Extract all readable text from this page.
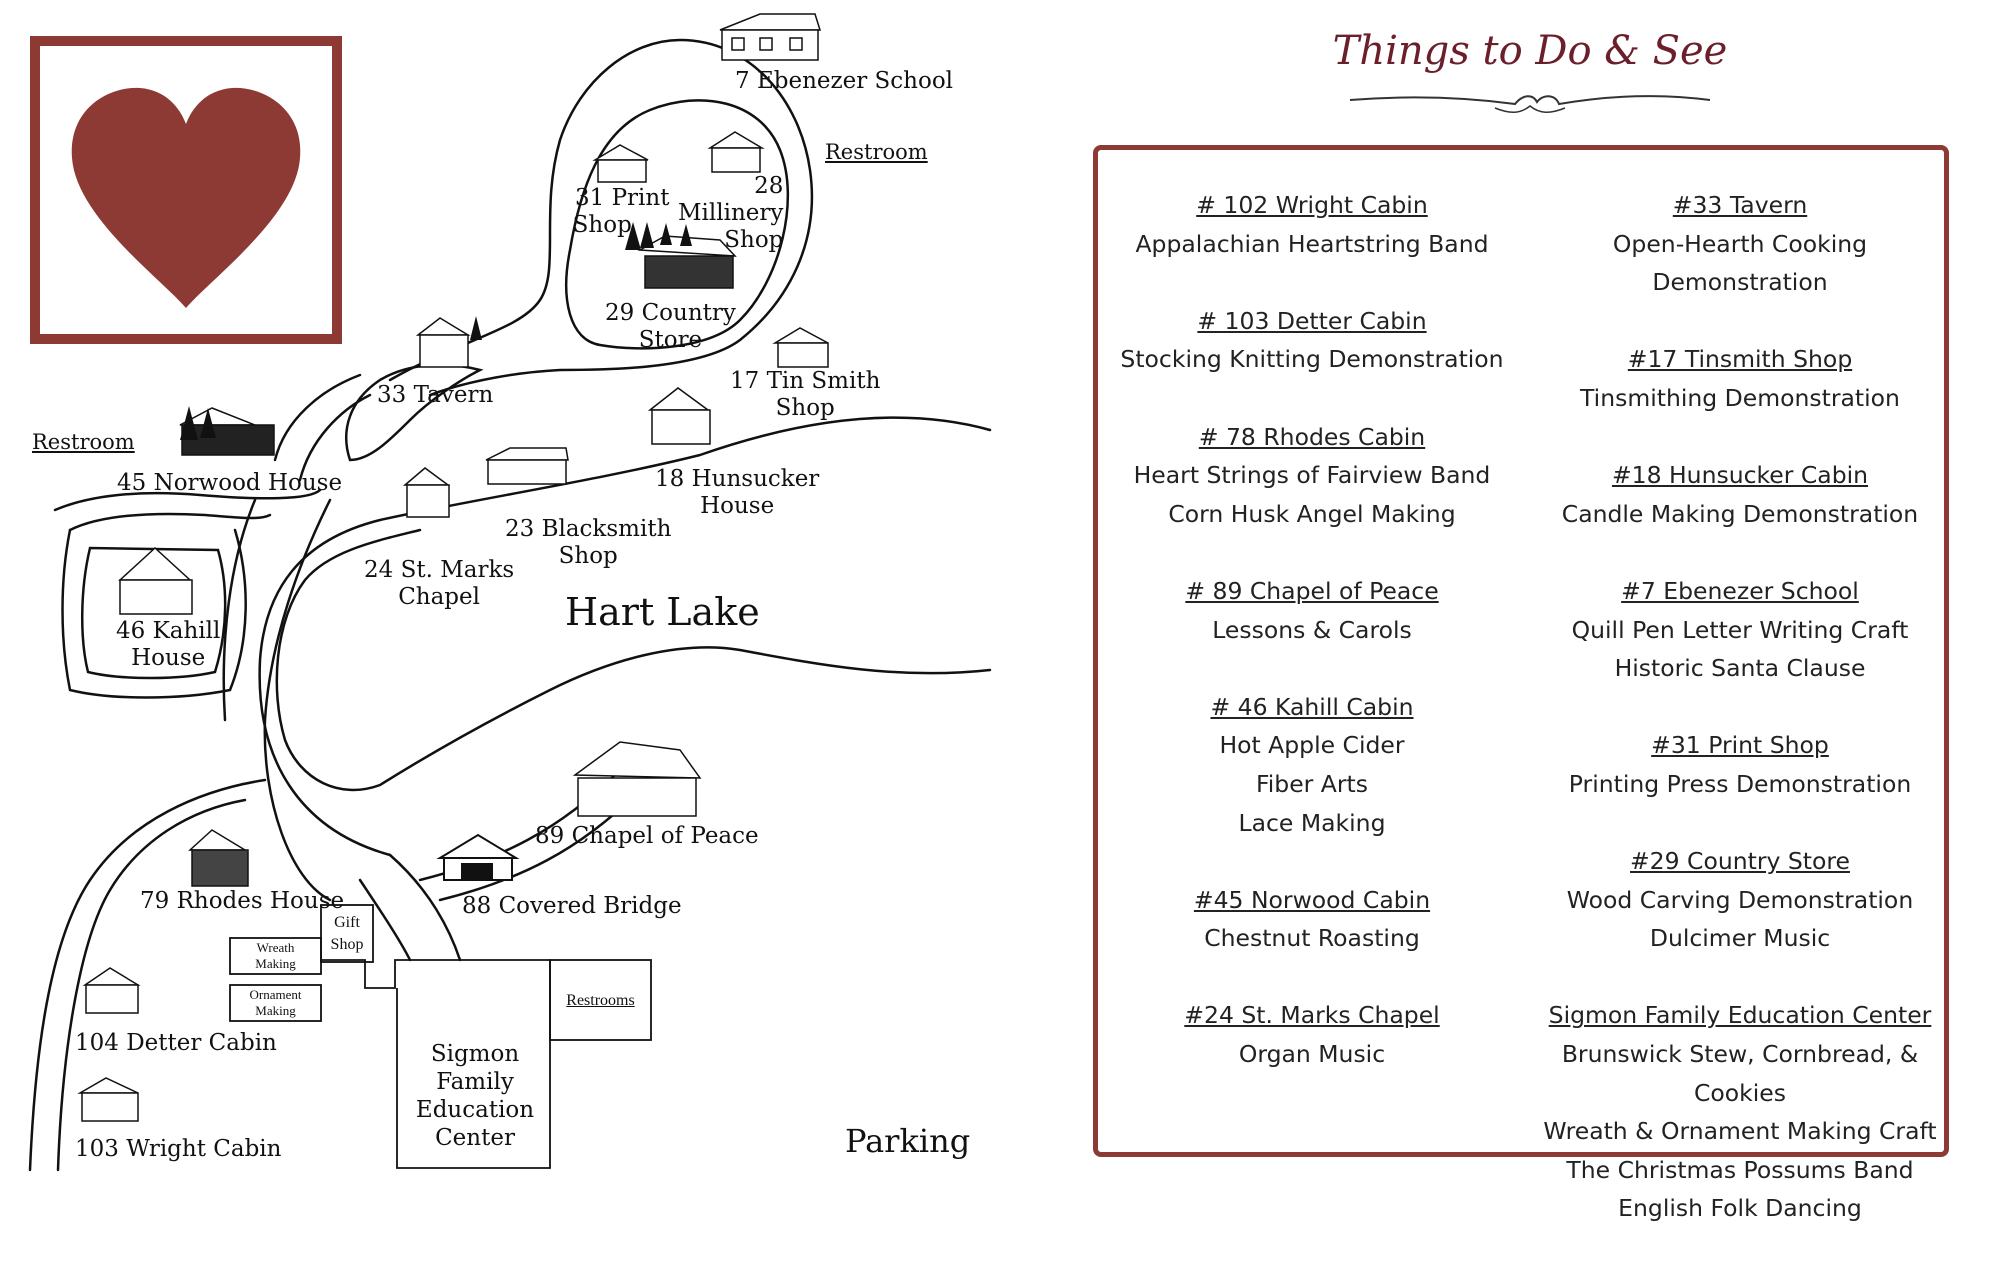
7 Ebenezer School
Restroom
31 Print
Shop
28
Millinery
Shop
29 Country
Store
33 Tavern
17 Tin Smith
Shop
Restroom
45 Norwood House	18 Hunsucker
House
23 Blacksmith
Shop
24 St. Marks
Chapel	Hart Lake
46 Kahill
House
89 Chapel of Peace
88 Covered Bridge
79 Rhodes House
Gift
Shop
Wreath
Making
Ornament
Making
Restrooms
Sigmon
Family
Education
Center
104 Detter Cabin
103 Wright Cabin	Parking
Things to Do & See
# 102 Wright Cabin
Appalachian Heartstring Band
# 103 Detter Cabin
Stocking Knitting Demonstration
# 78 Rhodes Cabin
Heart Strings of Fairview Band
Corn Husk Angel Making
# 89 Chapel of Peace
Lessons & Carols
# 46 Kahill Cabin
Hot Apple Cider
Fiber Arts
Lace Making
#45 Norwood Cabin
Chestnut Roasting
#24 St. Marks Chapel
Organ Music
#33 Tavern
Open-Hearth Cooking Demonstration
#17 Tinsmith Shop
Tinsmithing Demonstration
#18 Hunsucker Cabin
Candle Making Demonstration
#7 Ebenezer School
Quill Pen Letter Writing Craft
Historic Santa Clause
#31 Print Shop
Printing Press Demonstration
#29 Country Store
Wood Carving Demonstration
Dulcimer Music
Sigmon Family Education Center
Brunswick Stew, Cornbread, & Cookies
Wreath & Ornament Making Craft
The Christmas Possums Band
English Folk Dancing
